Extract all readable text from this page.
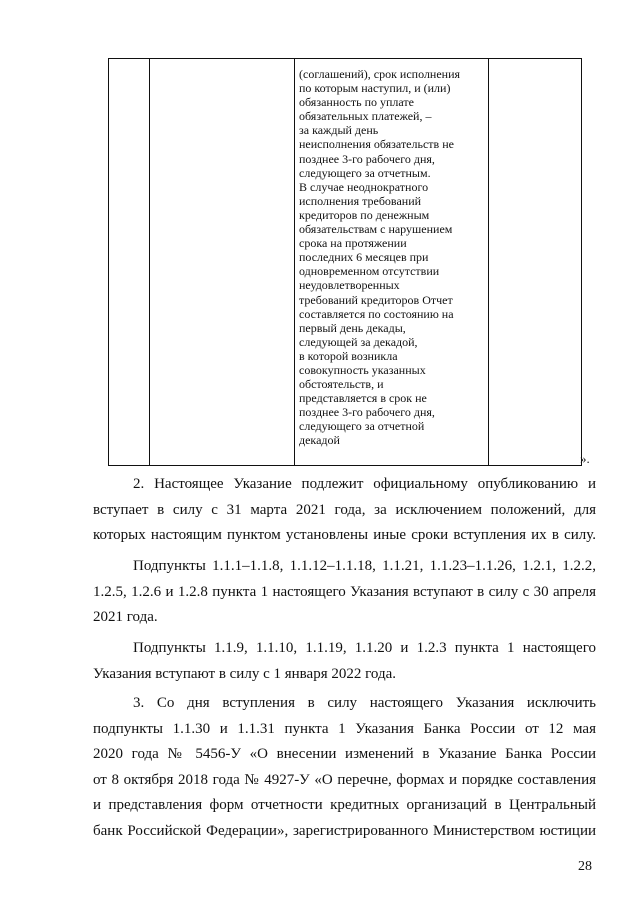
(соглашений), срок исполнения
по которым наступил, и (или)
обязанность по уплате
обязательных платежей, –
за каждый день
неисполнения обязательств не
позднее 3-го рабочего дня,
следующего за отчетным.
В случае неоднократного
исполнения требований
кредиторов по денежным
обязательствам с нарушением
срока на протяжении
последних 6 месяцев при
одновременном отсутствии
неудовлетворенных
требований кредиторов Отчет
составляется по состоянию на
первый день декады,
следующей за декадой,
в которой возникла
совокупность указанных
обстоятельств, и
представляется в срок не
позднее 3-го рабочего дня,
следующего за отчетной
декадой

».
2. Настоящее Указание подлежит официальному опубликованию и
вступает в силу с 31 марта 2021 года, за исключением положений, для
которых настоящим пунктом установлены иные сроки вступления их в силу.
Подпункты 1.1.1–1.1.8, 1.1.12–1.1.18, 1.1.21, 1.1.23–1.1.26, 1.2.1, 1.2.2,
1.2.5, 1.2.6 и 1.2.8 пункта 1 настоящего Указания вступают в силу с 30 апреля
2021 года.
Подпункты 1.1.9, 1.1.10, 1.1.19, 1.1.20 и 1.2.3 пункта 1 настоящего
Указания вступают в силу с 1 января 2022 года.
3. Со дня вступления в силу настоящего Указания исключить
подпункты 1.1.30 и 1.1.31 пункта 1 Указания Банка России от 12 мая
2020 года № 5456-У «О внесении изменений в Указание Банка России
от 8 октября 2018 года № 4927-У «О перечне, формах и порядке составления
и представления форм отчетности кредитных организаций в Центральный
банк Российской Федерации», зарегистрированного Министерством юстиции
28
